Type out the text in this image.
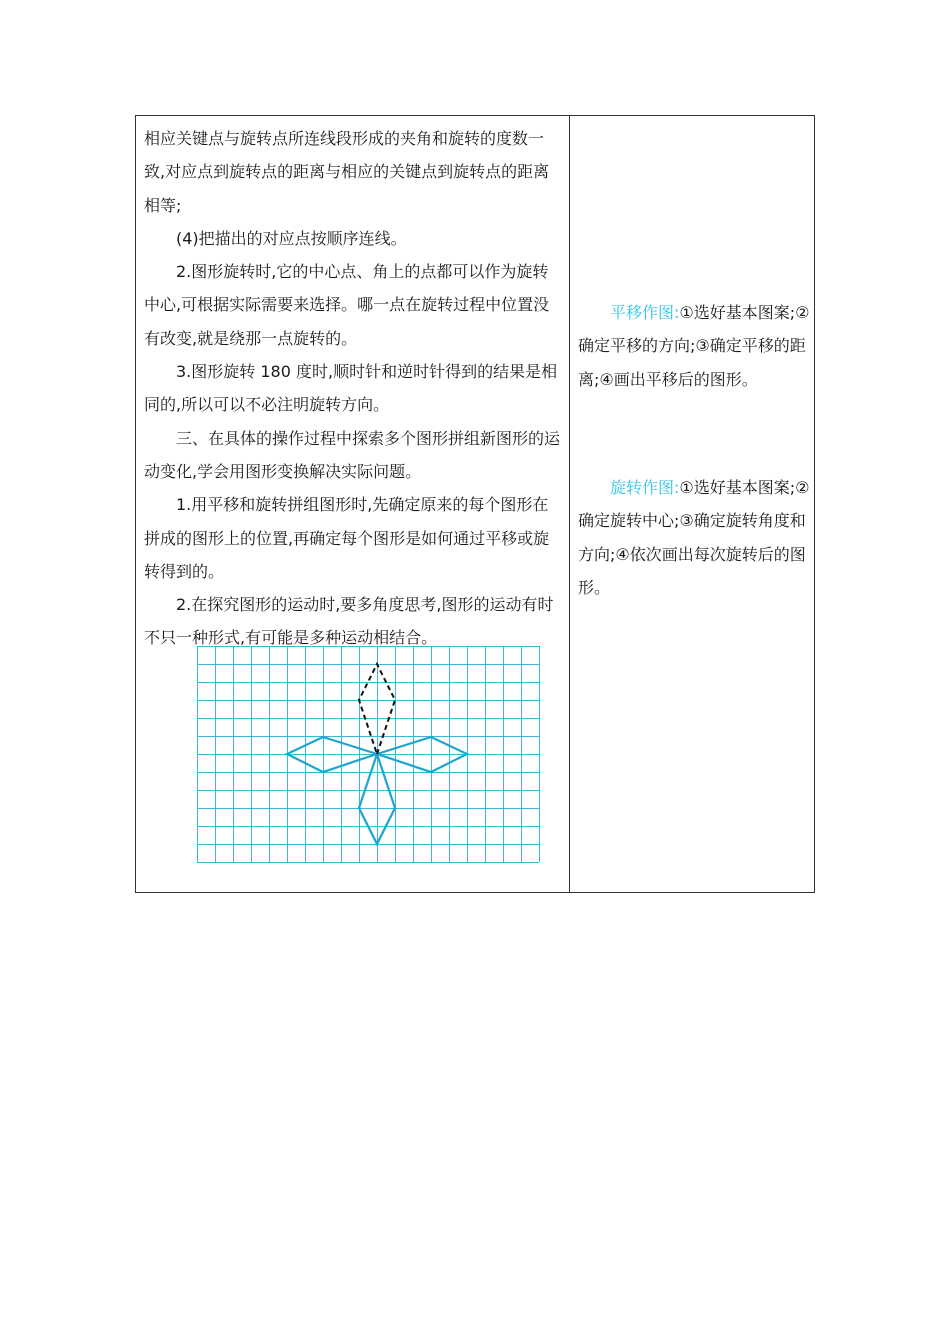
相应关键点与旋转点所连线段形成的夹角和旋转的度数一致,对应点到旋转点的距离与相应的关键点到旋转点的距离相等;

(4)把描出的对应点按顺序连线。

2.图形旋转时,它的中心点、角上的点都可以作为旋转中心,可根据实际需要来选择。哪一点在旋转过程中位置没有改变,就是绕那一点旋转的。

3.图形旋转 180 度时,顺时针和逆时针得到的结果是相同的,所以可以不必注明旋转方向。

三、在具体的操作过程中探索多个图形拼组新图形的运动变化,学会用图形变换解决实际问题。

1.用平移和旋转拼组图形时,先确定原来的每个图形在拼成的图形上的位置,再确定每个图形是如何通过平移或旋转得到的。

2.在探究图形的运动时,要多角度思考,图形的运动有时不只一种形式,有可能是多种运动相结合。

平移作图:①选好基本图案;②确定平移的方向;③确定平移的距离;④画出平移后的图形。

旋转作图:①选好基本图案;②确定旋转中心;③确定旋转角度和方向;④依次画出每次旋转后的图形。
